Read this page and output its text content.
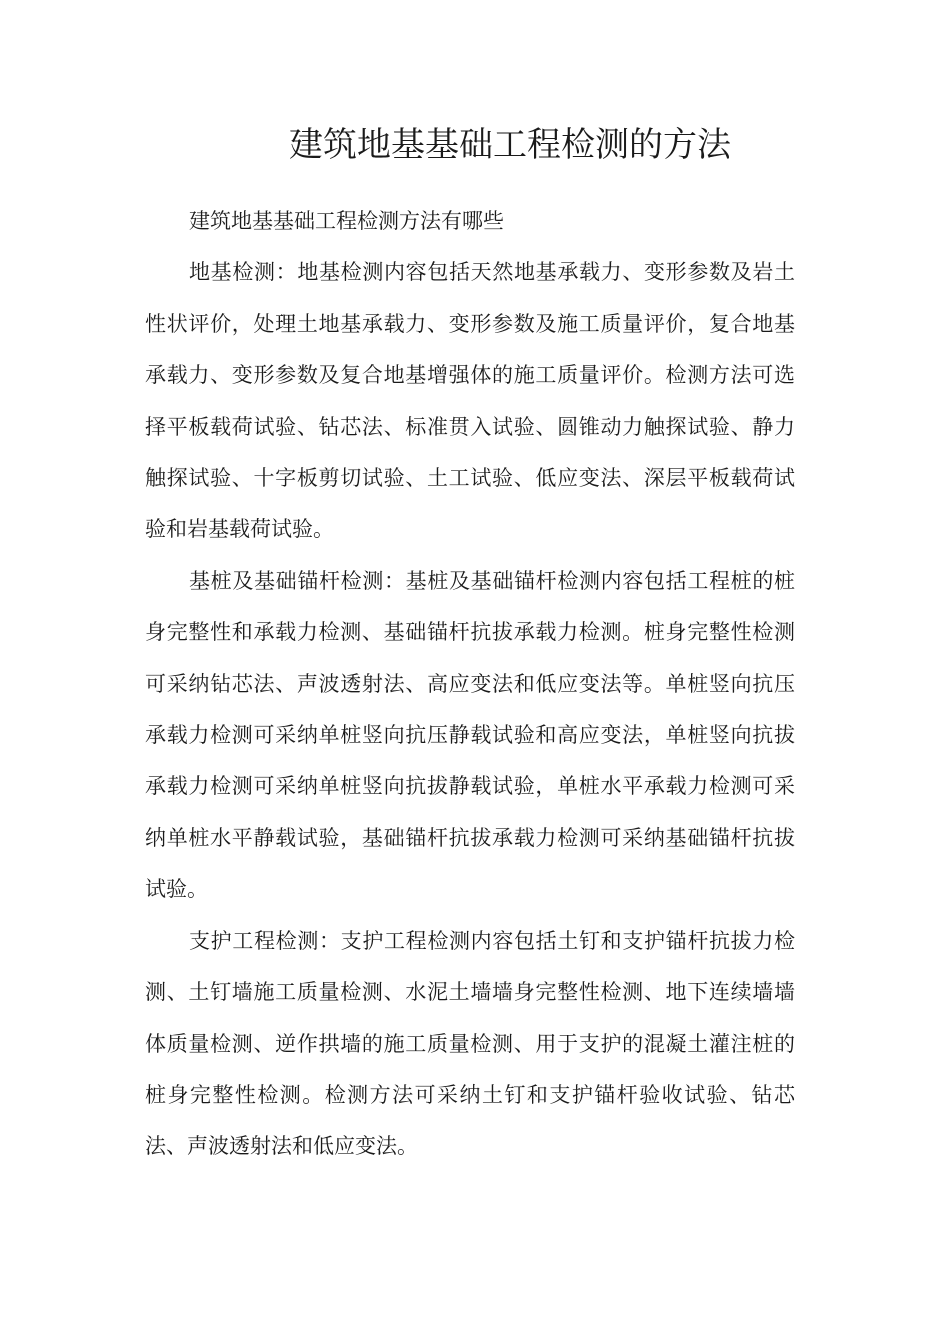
建筑地基基础工程检测的方法

建筑地基基础工程检测方法有哪些

地基检测：地基检测内容包括天然地基承载力、变形参数及岩土性状评价，处理土地基承载力、变形参数及施工质量评价，复合地基承载力、变形参数及复合地基增强体的施工质量评价。检测方法可选择平板载荷试验、钻芯法、标准贯入试验、圆锥动力触探试验、静力触探试验、十字板剪切试验、土工试验、低应变法、深层平板载荷试验和岩基载荷试验。

基桩及基础锚杆检测：基桩及基础锚杆检测内容包括工程桩的桩身完整性和承载力检测、基础锚杆抗拔承载力检测。桩身完整性检测可采纳钻芯法、声波透射法、高应变法和低应变法等。单桩竖向抗压承载力检测可采纳单桩竖向抗压静载试验和高应变法，单桩竖向抗拔承载力检测可采纳单桩竖向抗拔静载试验，单桩水平承载力检测可采纳单桩水平静载试验，基础锚杆抗拔承载力检测可采纳基础锚杆抗拔试验。

支护工程检测：支护工程检测内容包括土钉和支护锚杆抗拔力检测、土钉墙施工质量检测、水泥土墙墙身完整性检测、地下连续墙墙体质量检测、逆作拱墙的施工质量检测、用于支护的混凝土灌注桩的桩身完整性检测。检测方法可采纳土钉和支护锚杆验收试验、钻芯法、声波透射法和低应变法。
